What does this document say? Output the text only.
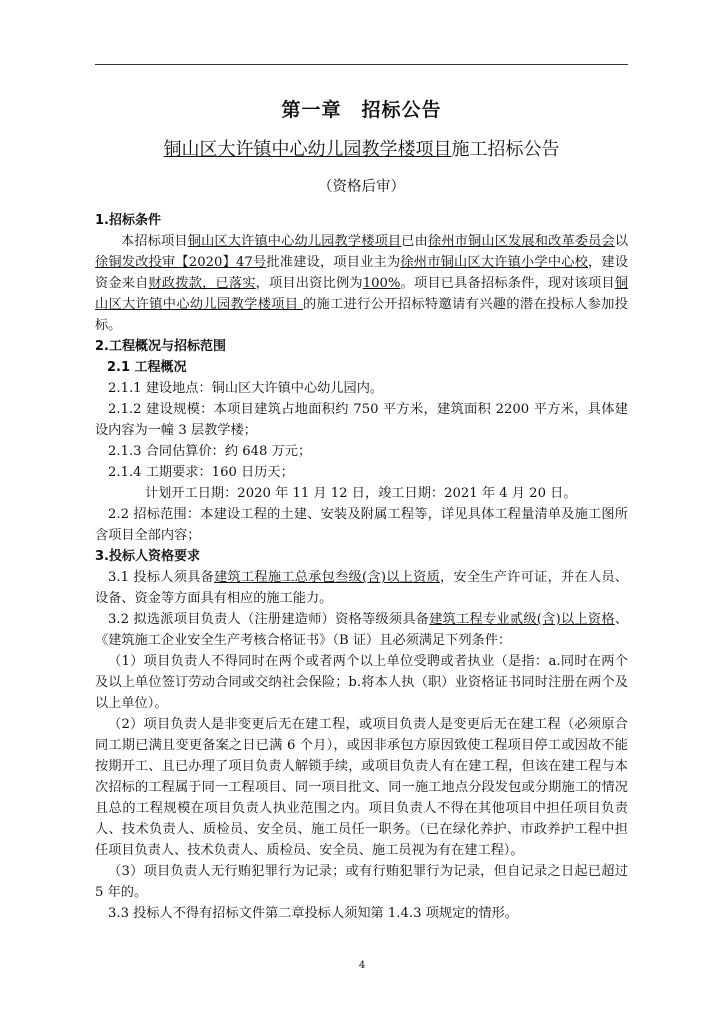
第一章　招标公告
铜山区大许镇中心幼儿园教学楼项目施工招标公告
（资格后审）
1.招标条件

本招标项目铜山区大许镇中心幼儿园教学楼项目已由徐州市铜山区发展和改革委员会以徐铜发改投审【2020】47号批准建设，项目业主为徐州市铜山区大许镇小学中心校，建设资金来自财政拨款，已落实，项目出资比例为100%。项目已具备招标条件，现对该项目铜山区大许镇中心幼儿园教学楼项目 的施工进行公开招标特邀请有兴趣的潜在投标人参加投标。

2.工程概况与招标范围
2.1 工程概况

2.1.1 建设地点：铜山区大许镇中心幼儿园内。

2.1.2 建设规模：本项目建筑占地面积约 750 平方米，建筑面积 2200 平方米，具体建设内容为一幢 3 层教学楼；

2.1.3 合同估算价：约 648 万元；

2.1.4 工期要求：160 日历天；

计划开工日期：2020 年 11 月 12 日，竣工日期：2021 年 4 月 20 日。

2.2 招标范围：本建设工程的土建、安装及附属工程等，详见具体工程量清单及施工图所含项目全部内容；

3.投标人资格要求

3.1 投标人须具备建筑工程施工总承包叁级(含)以上资质，安全生产许可证，并在人员、设备、资金等方面具有相应的施工能力。

3.2 拟选派项目负责人（注册建造师）资格等级须具备建筑工程专业贰级(含)以上资格、《建筑施工企业安全生产考核合格证书》（B 证）且必须满足下列条件：

（1）项目负责人不得同时在两个或者两个以上单位受聘或者执业（是指：a.同时在两个及以上单位签订劳动合同或交纳社会保险；b.将本人执（职）业资格证书同时注册在两个及以上单位）。

（2）项目负责人是非变更后无在建工程，或项目负责人是变更后无在建工程（必须原合同工期已满且变更备案之日已满 6 个月），或因非承包方原因致使工程项目停工或因故不能按期开工、且已办理了项目负责人解锁手续，或项目负责人有在建工程，但该在建工程与本次招标的工程属于同一工程项目、同一项目批文、同一施工地点分段发包或分期施工的情况且总的工程规模在项目负责人执业范围之内。项目负责人不得在其他项目中担任项目负责人、技术负责人、质检员、安全员、施工员任一职务。（已在绿化养护、市政养护工程中担任项目负责人、技术负责人、质检员、安全员、施工员视为有在建工程）。

（3）项目负责人无行贿犯罪行为记录；或有行贿犯罪行为记录，但自记录之日起已超过 5 年的。

3.3 投标人不得有招标文件第二章投标人须知第 1.4.3 项规定的情形。

4
